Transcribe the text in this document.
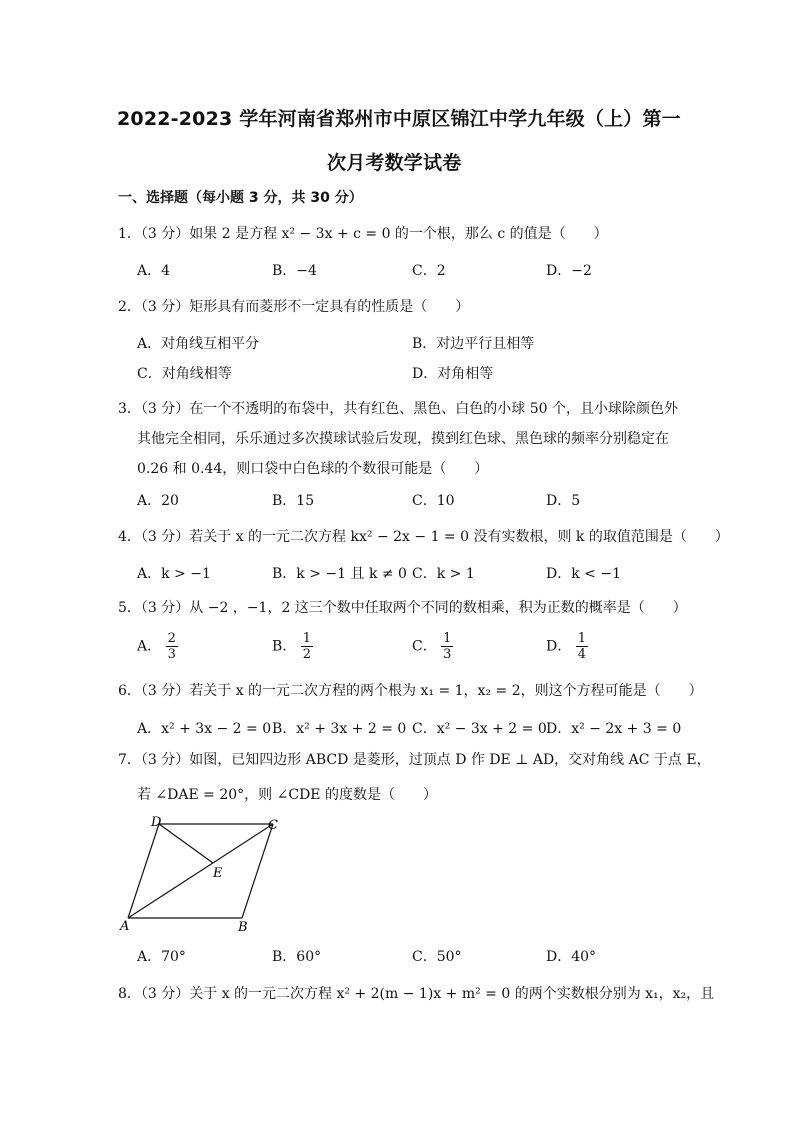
2022-2023 学年河南省郑州市中原区锦江中学九年级（上）第一
次月考数学试卷
一、选择题（每小题 3 分，共 30 分）
1．（3 分）如果 2 是方程 x² − 3x + c = 0 的一个根，那么 c 的值是（　　）
A．4	B．−4	C．2	D．−2
2．（3 分）矩形具有而菱形不一定具有的性质是（　　）
A．对角线互相平分	B．对边平行且相等
C．对角线相等	D．对角相等
3．（3 分）在一个不透明的布袋中，共有红色、黑色、白色的小球 50 个，且小球除颜色外
其他完全相同，乐乐通过多次摸球试验后发现，摸到红色球、黑色球的频率分别稳定在
0.26 和 0.44，则口袋中白色球的个数很可能是（　　）
A．20	B．15	C．10	D．5
4．（3 分）若关于 x 的一元二次方程 kx² − 2x − 1 = 0 没有实数根，则 k 的取值范围是（　　）
A．k > −1	B．k > −1 且 k ≠ 0 C．k > 1	D．k < −1
5．（3 分）从 −2 ，−1，2 这三个数中任取两个不同的数相乘，积为正数的概率是（　　）
A． $\frac{2}{3}$	B． $\frac{1}{2}$	C． $\frac{1}{3}$	D． $\frac{1}{4}$
6．（3 分）若关于 x 的一元二次方程的两个根为 x₁ = 1，x₂ = 2，则这个方程可能是（　　）
A．x² + 3x − 2 = 0 B．x² + 3x + 2 = 0 C．x² − 3x + 2 = 0 D．x² − 2x + 3 = 0
7．（3 分）如图，已知四边形 ABCD 是菱形，过顶点 D 作 DE ⊥ AD，交对角线 AC 于点 E，
若 ∠DAE = 20°，则 ∠CDE 的度数是（　　）
D	C
E
A	B
A．70°	B．60°	C．50°	D．40°
8．（3 分）关于 x 的一元二次方程 x² + 2(m − 1)x + m² = 0 的两个实数根分别为 x₁，x₂，且
